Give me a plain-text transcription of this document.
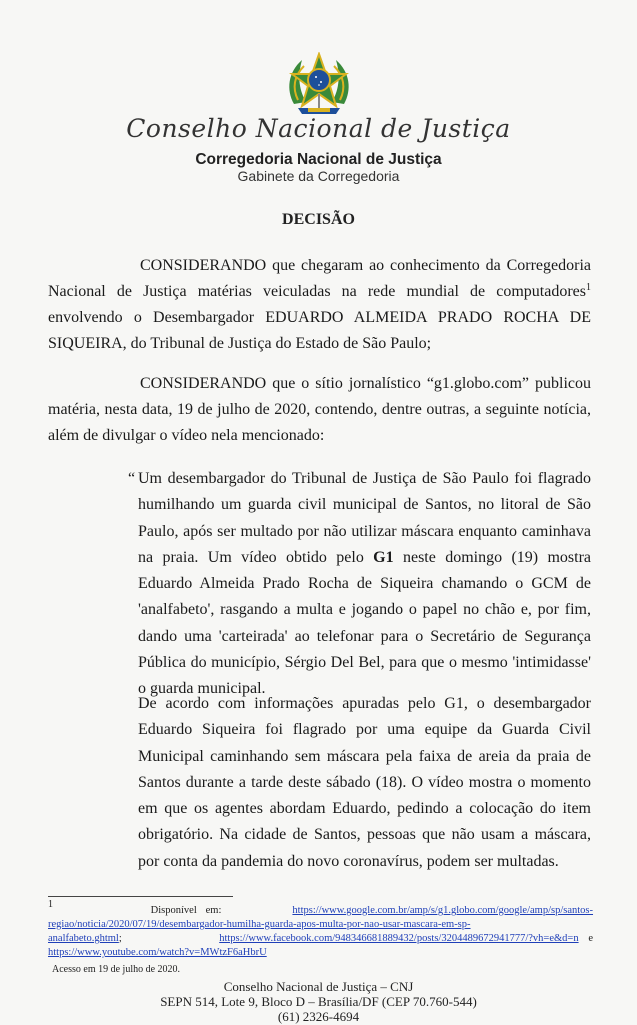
Conselho Nacional de Justiça
Corregedoria Nacional de Justiça
Gabinete da Corregedoria
DECISÃO

CONSIDERANDO que chegaram ao conhecimento da Corregedoria Nacional de Justiça matérias veiculadas na rede mundial de computadores$^1$ envolvendo o Desembargador EDUARDO ALMEIDA PRADO ROCHA DE SIQUEIRA, do Tribunal de Justiça do Estado de São Paulo;

CONSIDERANDO que o sítio jornalístico “g1.globo.com” publicou matéria, nesta data, 19 de julho de 2020, contendo, dentre outras, a seguinte notícia, além de divulgar o vídeo nela mencionado:

“ Um desembargador do Tribunal de Justiça de São Paulo foi flagrado humilhando um guarda civil municipal de Santos, no litoral de São Paulo, após ser multado por não utilizar máscara enquanto caminhava na praia. Um vídeo obtido pelo G1 neste domingo (19) mostra Eduardo Almeida Prado Rocha de Siqueira chamando o GCM de 'analfabeto', rasgando a multa e jogando o papel no chão e, por fim, dando uma 'carteirada' ao telefonar para o Secretário de Segurança Pública do município, Sérgio Del Bel, para que o mesmo 'intimidasse' o guarda municipal.

De acordo com informações apuradas pelo G1, o desembargador Eduardo Siqueira foi flagrado por uma equipe da Guarda Civil Municipal caminhando sem máscara pela faixa de areia da praia de Santos durante a tarde deste sábado (18). O vídeo mostra o momento em que os agentes abordam Eduardo, pedindo a colocação do item obrigatório. Na cidade de Santos, pessoas que não usam a máscara, por conta da pandemia do novo coronavírus, podem ser multadas.

$^1$           Disponível em:	https://www.google.com.br/amp/s/g1.globo.com/google/amp/sp/santos-regiao/noticia/2020/07/19/desembargador-humilha-guarda-apos-multa-por-nao-usar-mascara-em-sp-analfabeto.ghtml;	https://www.facebook.com/948346681889432/posts/3204489672941777/?vh=e&d=n e https://www.youtube.com/watch?v=MWtzF6aHbrU

Acesso em 19 de julho de 2020.
Conselho Nacional de Justiça – CNJ
SEPN 514, Lote 9, Bloco D – Brasília/DF (CEP 70.760-544)
(61) 2326-4694
